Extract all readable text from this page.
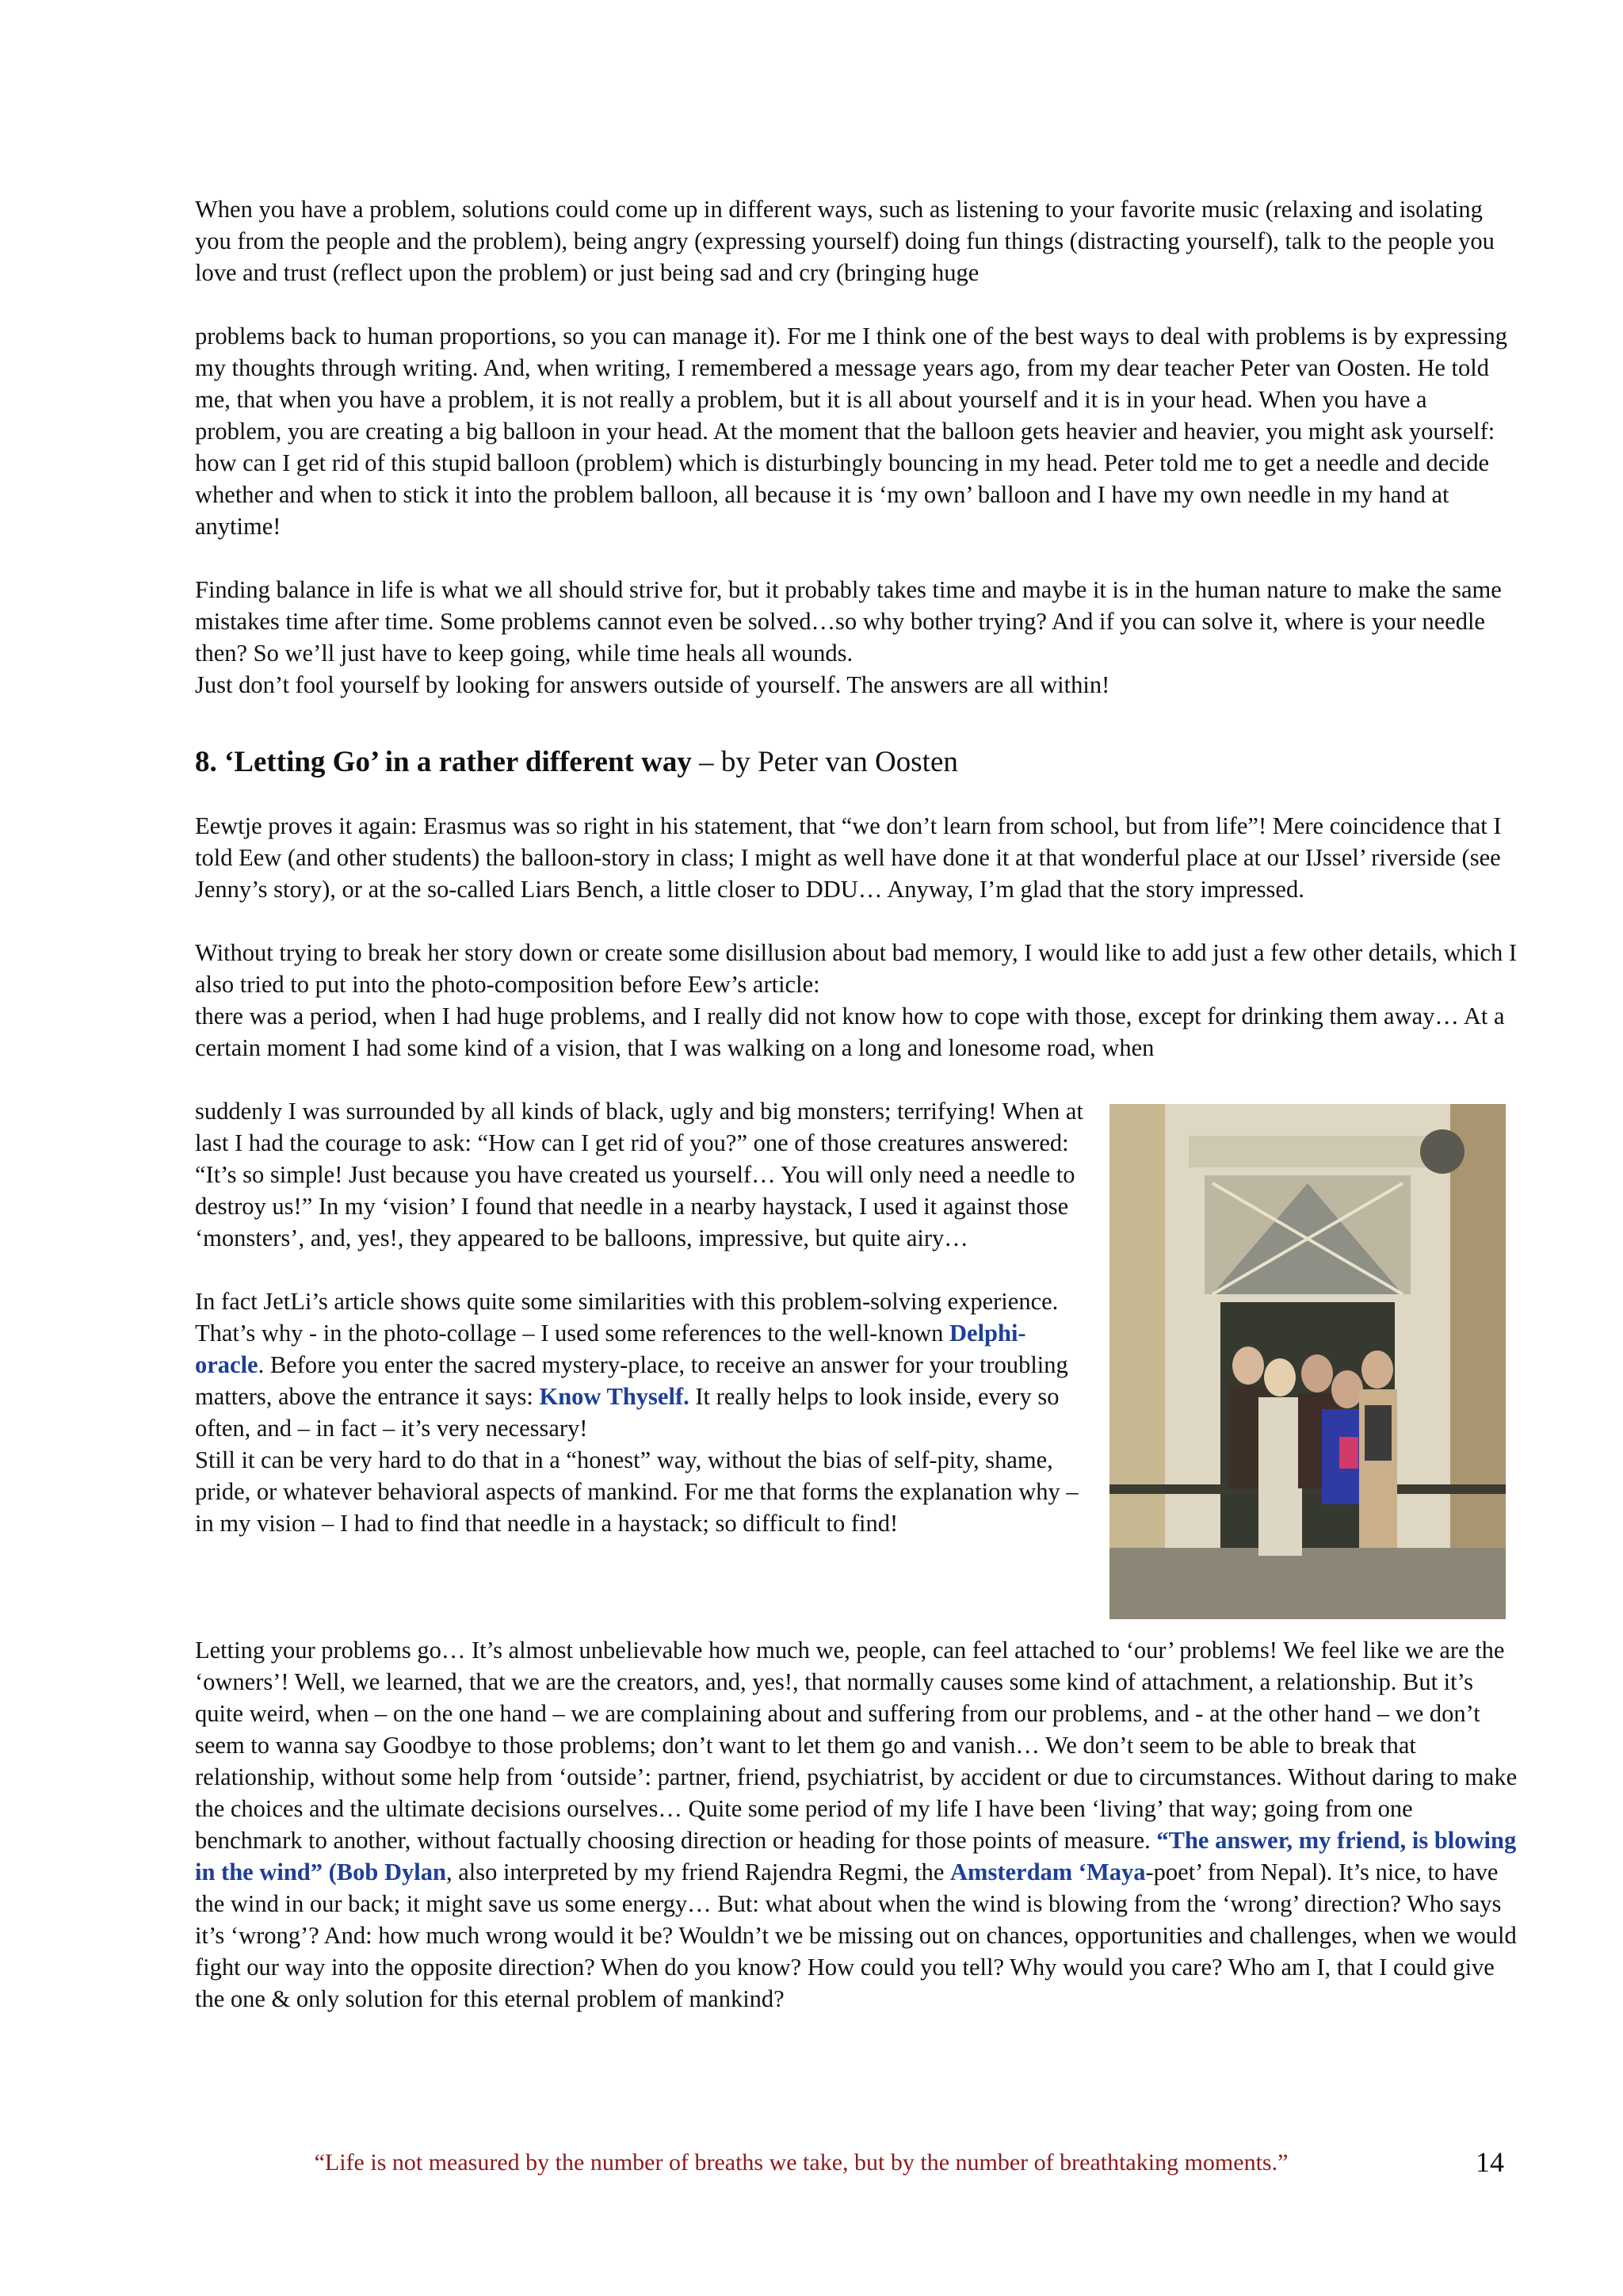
When you have a problem, solutions could come up in different ways, such as listening to your favorite music (relaxing and isolating you from the people and the problem), being angry (expressing yourself) doing fun things (distracting yourself), talk to the people you love and trust (reflect upon the problem) or just being sad and cry (bringing huge

problems back to human proportions, so you can manage it). For me I think one of the best ways to deal with problems is by expressing my thoughts through writing. And, when writing, I remembered a message years ago, from my dear teacher Peter van Oosten. He told me, that when you have a problem, it is not really a problem, but it is all about yourself and it is in your head. When you have a problem, you are creating a big balloon in your head. At the moment that the balloon gets heavier and heavier, you might ask yourself: how can I get rid of this stupid balloon (problem) which is disturbingly bouncing in my head. Peter told me to get a needle and decide whether and when to stick it into the problem balloon, all because it is ‘my own’ balloon and I have my own needle in my hand at anytime!

Finding balance in life is what we all should strive for, but it probably takes time and maybe it is in the human nature to make the same mistakes time after time. Some problems cannot even be solved…so why bother trying? And if you can solve it, where is your needle then? So we’ll just have to keep going, while time heals all wounds.

Just don’t fool yourself by looking for answers outside of yourself. The answers are all within!

8. ‘Letting Go’ in a rather different way – by Peter van Oosten

Eewtje proves it again: Erasmus was so right in his statement, that “we don’t learn from school, but from life”! Mere coincidence that I told Eew (and other students) the balloon-story in class; I might as well have done it at that wonderful place at our IJssel’ riverside (see Jenny’s story), or at the so-called Liars Bench, a little closer to DDU… Anyway, I’m glad that the story impressed.

Without trying to break her story down or create some disillusion about bad memory, I would like to add just a few other details, which I also tried to put into the photo-composition before Eew’s article:

there was a period, when I had huge problems, and I really did not know how to cope with those, except for drinking them away… At a certain moment I had some kind of a vision, that I was walking on a long and lonesome road, when

suddenly I was surrounded by all kinds of black, ugly and big monsters; terrifying! When at last I had the courage to ask: “How can I get rid of you?” one of those creatures answered: “It’s so simple! Just because you have created us yourself… You will only need a needle to destroy us!” In my ‘vision’ I found that needle in a nearby haystack, I used it against those ‘monsters’, and, yes!, they appeared to be balloons, impressive, but quite airy…

In fact JetLi’s article shows quite some similarities with this problem-solving experience. That’s why - in the photo-collage – I used some references to the well-known Delphi-oracle. Before you enter the sacred mystery-place, to receive an answer for your troubling matters, above the entrance it says: Know Thyself. It really helps to look inside, every so often, and – in fact – it’s very necessary!

Still it can be very hard to do that in a “honest” way, without the bias of self-pity, shame, pride, or whatever behavioral aspects of mankind. For me that forms the explanation why – in my vision – I had to find that needle in a haystack; so difficult to find!

Letting your problems go… It’s almost unbelievable how much we, people, can feel attached to ‘our’ problems! We feel like we are the ‘owners’! Well, we learned, that we are the creators, and, yes!, that normally causes some kind of attachment, a relationship. But it’s quite weird, when – on the one hand – we are complaining about and suffering from our problems, and - at the other hand – we don’t seem to wanna say Goodbye to those problems; don’t want to let them go and vanish… We don’t seem to be able to break that relationship, without some help from ‘outside’: partner, friend, psychiatrist, by accident or due to circumstances. Without daring to make the choices and the ultimate decisions ourselves… Quite some period of my life I have been ‘living’ that way; going from one benchmark to another, without factually choosing direction or heading for those points of measure. “The answer, my friend, is blowing in the wind” (Bob Dylan, also interpreted by my friend Rajendra Regmi, the Amsterdam ‘Maya-poet’ from Nepal). It’s nice, to have the wind in our back; it might save us some energy… But: what about when the wind is blowing from the ‘wrong’ direction? Who says it’s ‘wrong’? And: how much wrong would it be? Wouldn’t we be missing out on chances, opportunities and challenges, when we would fight our way into the opposite direction? When do you know? How could you tell? Why would you care? Who am I, that I could give the one & only solution for this eternal problem of mankind?

“Life is not measured by the number of breaths we take, but by the number of breathtaking moments.”	14
